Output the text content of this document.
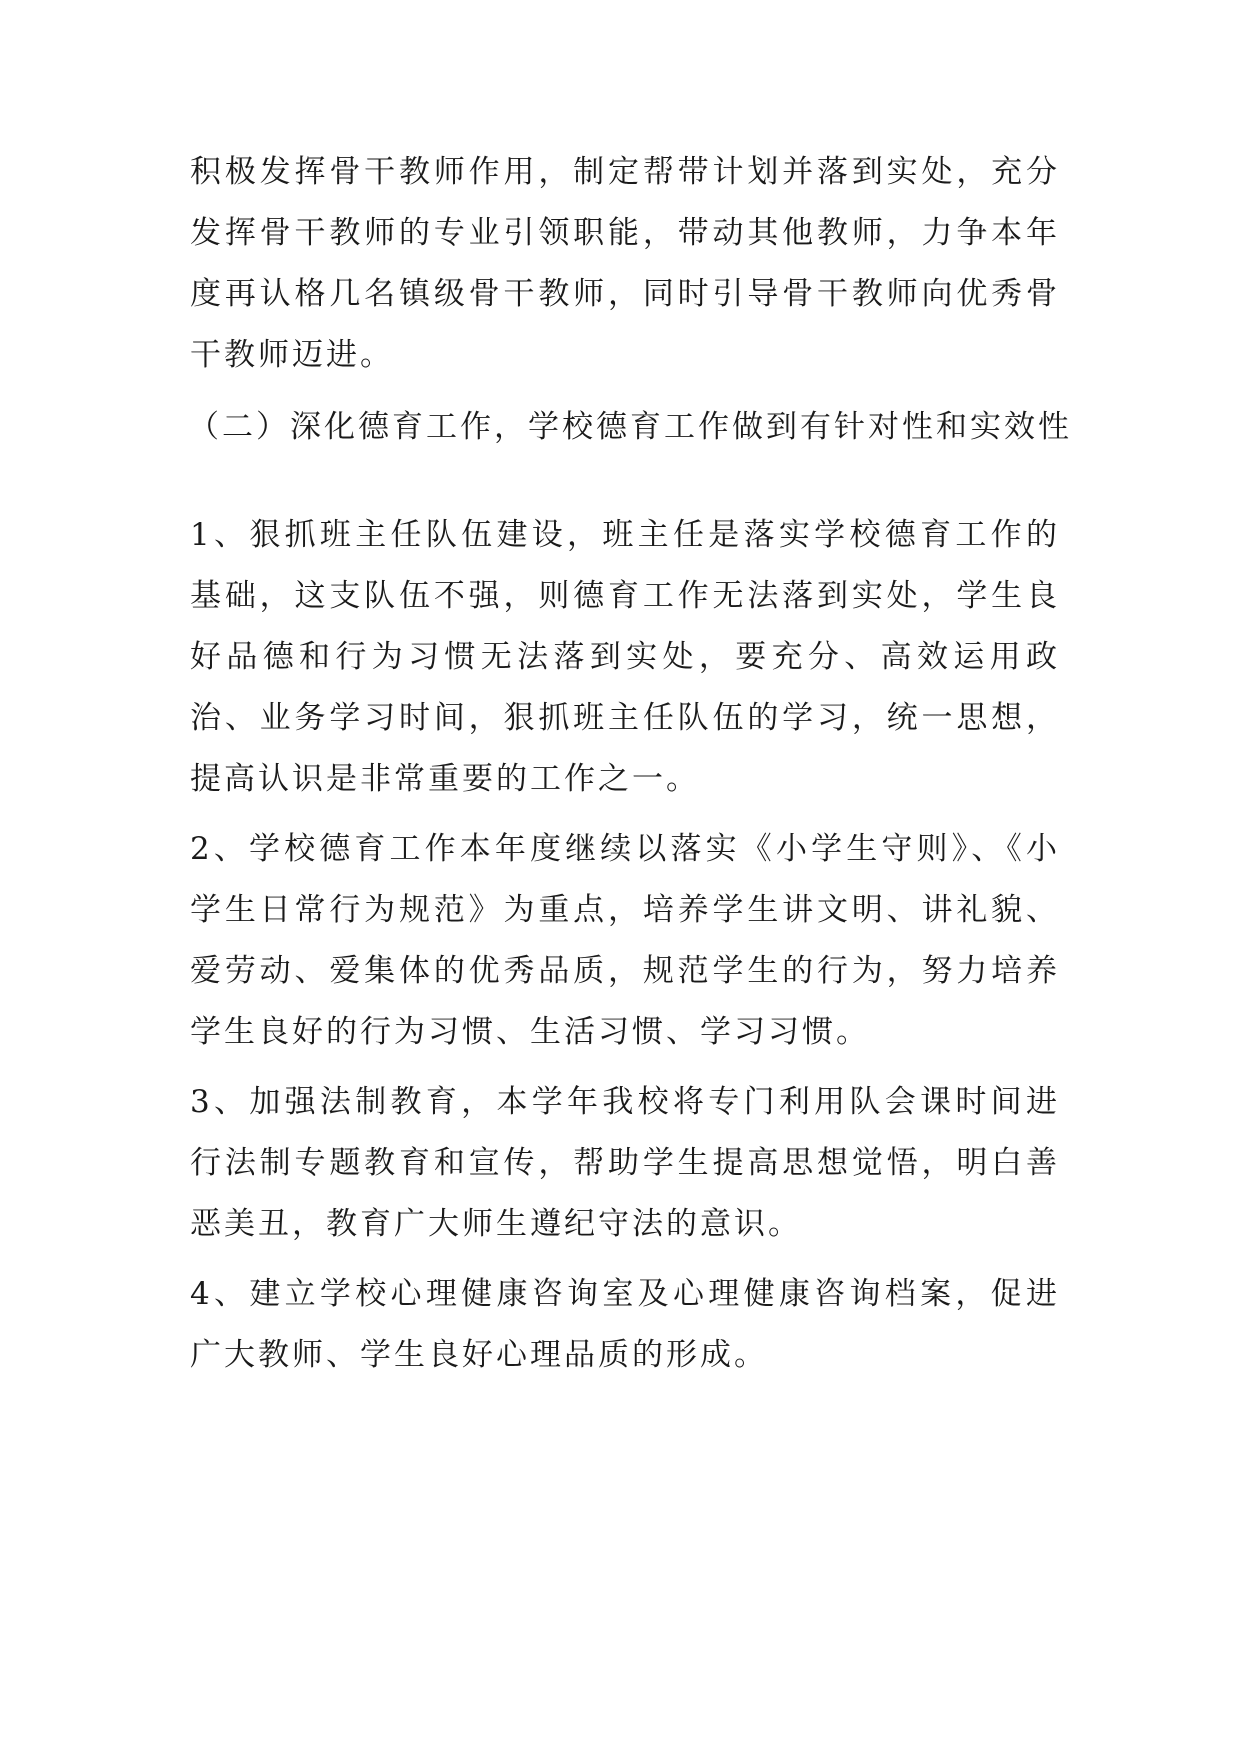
积极发挥骨干教师作用，制定帮带计划并落到实处，充分发挥骨干教师的专业引领职能，带动其他教师，力争本年度再认格几名镇级骨干教师，同时引导骨干教师向优秀骨干教师迈进。

（二）深化德育工作，学校德育工作做到有针对性和实效性

1、狠抓班主任队伍建设，班主任是落实学校德育工作的基础，这支队伍不强，则德育工作无法落到实处，学生良好品德和行为习惯无法落到实处，要充分、高效运用政治、业务学习时间，狠抓班主任队伍的学习，统一思想，提高认识是非常重要的工作之一。

2、学校德育工作本年度继续以落实《小学生守则》、《小学生日常行为规范》为重点，培养学生讲文明、讲礼貌、爱劳动、爱集体的优秀品质，规范学生的行为，努力培养学生良好的行为习惯、生活习惯、学习习惯。

3、加强法制教育，本学年我校将专门利用队会课时间进行法制专题教育和宣传，帮助学生提高思想觉悟，明白善恶美丑，教育广大师生遵纪守法的意识。

4、建立学校心理健康咨询室及心理健康咨询档案，促进广大教师、学生良好心理品质的形成。
